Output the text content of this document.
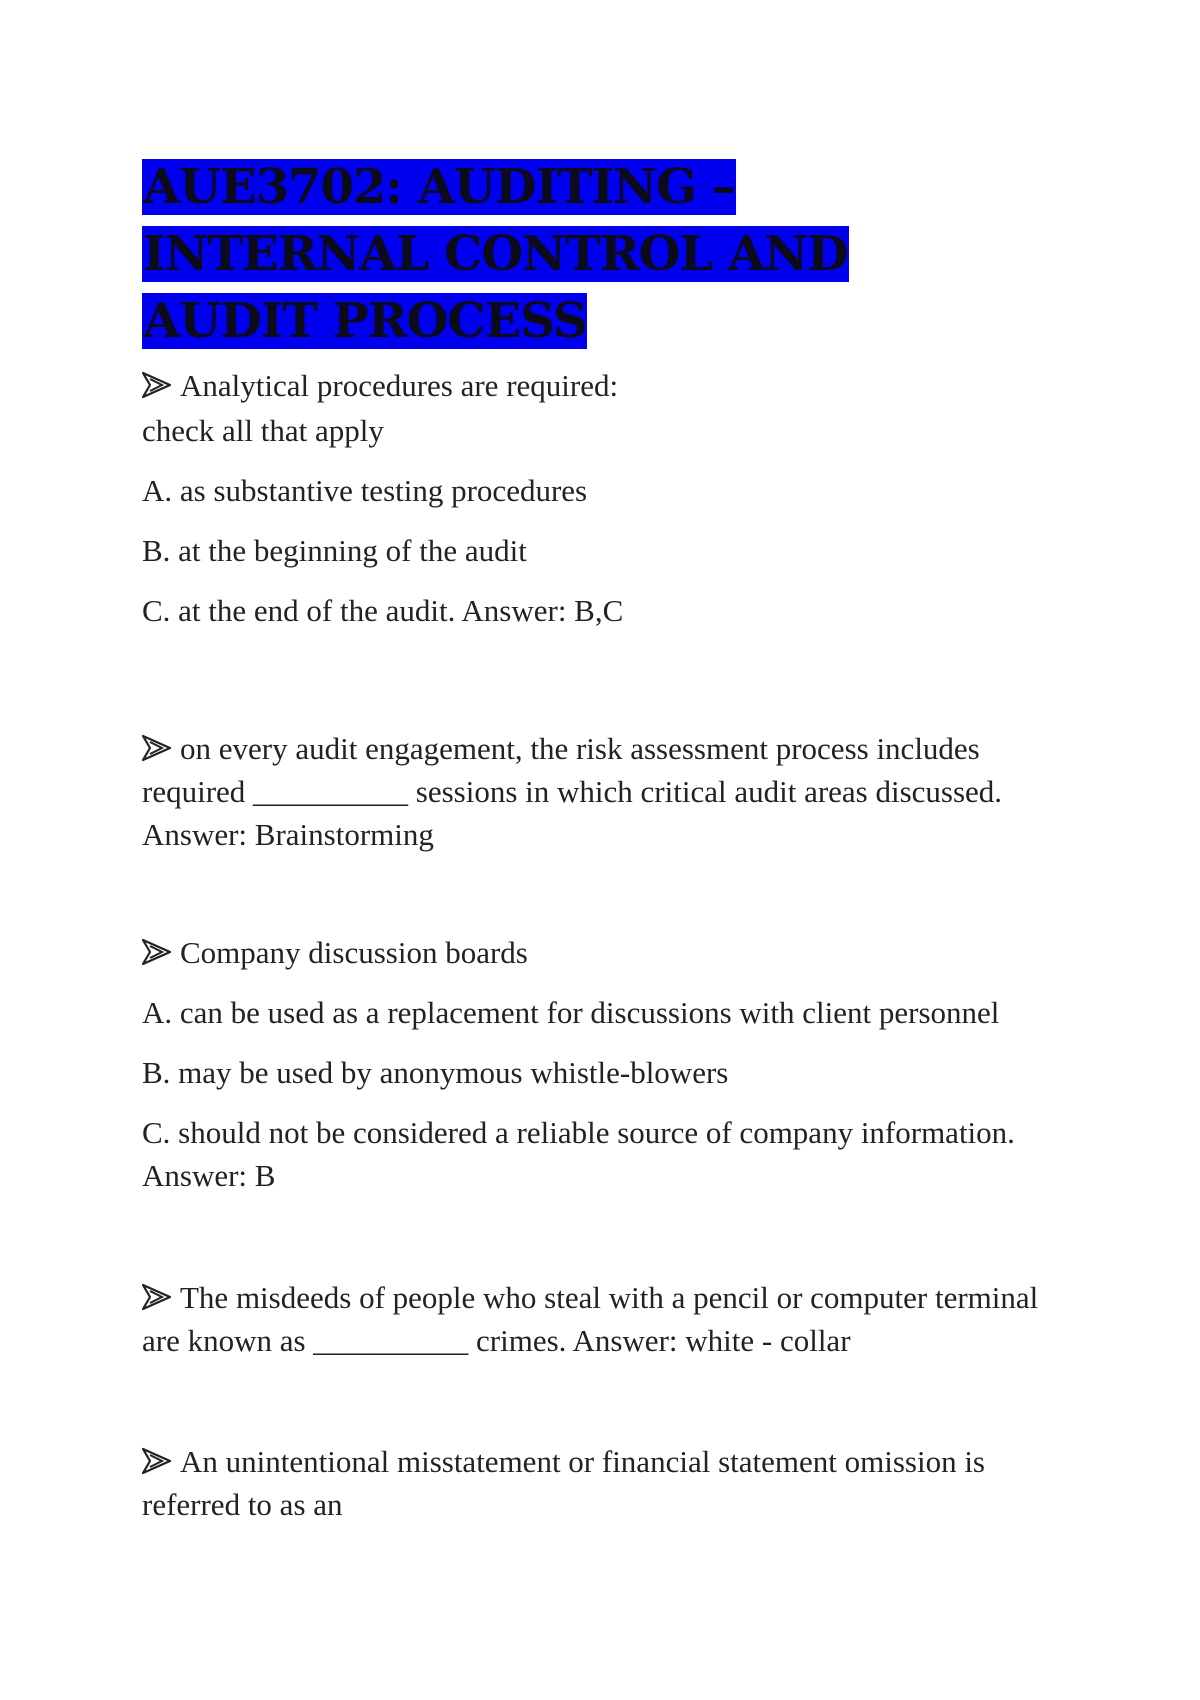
AUE3702: AUDITING – INTERNAL CONTROL AND AUDIT PROCESS

Analytical procedures are required:

check all that apply

A. as substantive testing procedures

B. at the beginning of the audit

C. at the end of the audit. Answer: B,C

on every audit engagement, the risk assessment process includes required __________ sessions in which critical audit areas discussed. Answer: Brainstorming

Company discussion boards

A. can be used as a replacement for discussions with client personnel

B. may be used by anonymous whistle-blowers

C. should not be considered a reliable source of company information. Answer: B

The misdeeds of people who steal with a pencil or computer terminal are known as __________ crimes. Answer: white - collar

An unintentional misstatement or financial statement omission is referred to as an
